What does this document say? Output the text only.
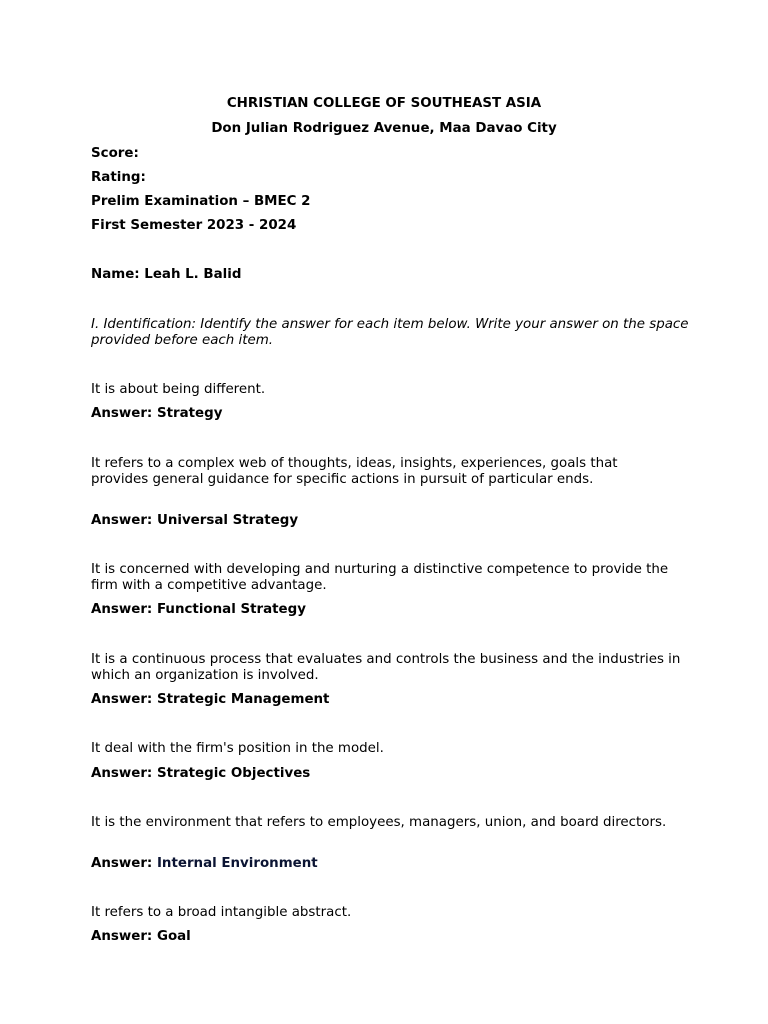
CHRISTIAN COLLEGE OF SOUTHEAST ASIA
Don Julian Rodriguez Avenue, Maa Davao City
Score:
Rating:
Prelim Examination – BMEC 2
First Semester 2023 - 2024
Name: Leah L. Balid
I. Identification: Identify the answer for each item below. Write your answer on the space provided before each item.
It is about being different.
Answer: Strategy
It refers to a complex web of thoughts, ideas, insights, experiences, goals that provides general guidance for specific actions in pursuit of particular ends.
Answer: Universal Strategy
It is concerned with developing and nurturing a distinctive competence to provide the firm with a competitive advantage.
Answer: Functional Strategy
It is a continuous process that evaluates and controls the business and the industries in which an organization is involved.
Answer: Strategic Management
It deal with the firm's position in the model.
Answer: Strategic Objectives
It is the environment that refers to employees, managers, union, and board directors.
Answer: Internal Environment
It refers to a broad intangible abstract.
Answer: Goal
